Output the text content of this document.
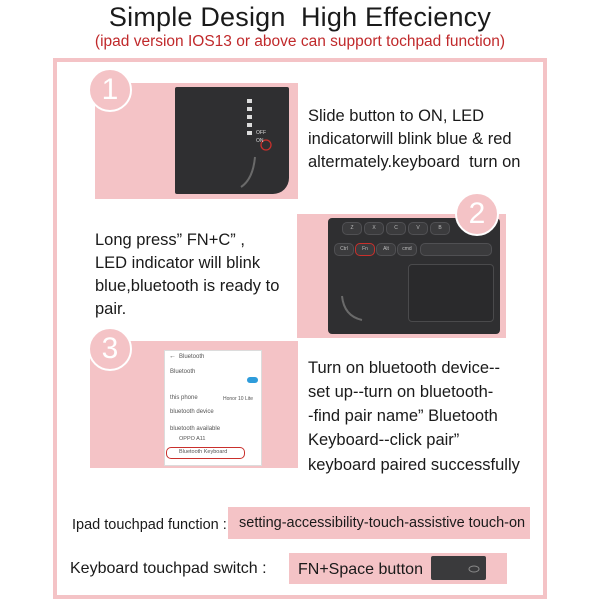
Simple Design  High Effeciency
(ipad version IOS13 or above can support tochpad function)
OFF
ON
1
Slide button to ON, LED
indicatorwill blink blue & red
altermately.keyboard  turn on
Long press” FN+C” ,
LED indicator will blink
blue,bluetooth is ready to
pair.
Z	X	C	V	B
Ctrl	Fn	Alt	cmd
2
← Bluetooth
Bluetooth
this phone	Honor 10 Lite
bluetooth device
bluetooth available
OPPO A11
Bluetooth Keyboard
3
Turn on bluetooth device--
set up--turn on bluetooth-
-find pair name” Bluetooth
Keyboard--click pair”
keyboard paired successfully
Ipad touchpad function : setting-accessibility-touch-assistive touch-on
Keyboard touchpad switch : FN+Space button
